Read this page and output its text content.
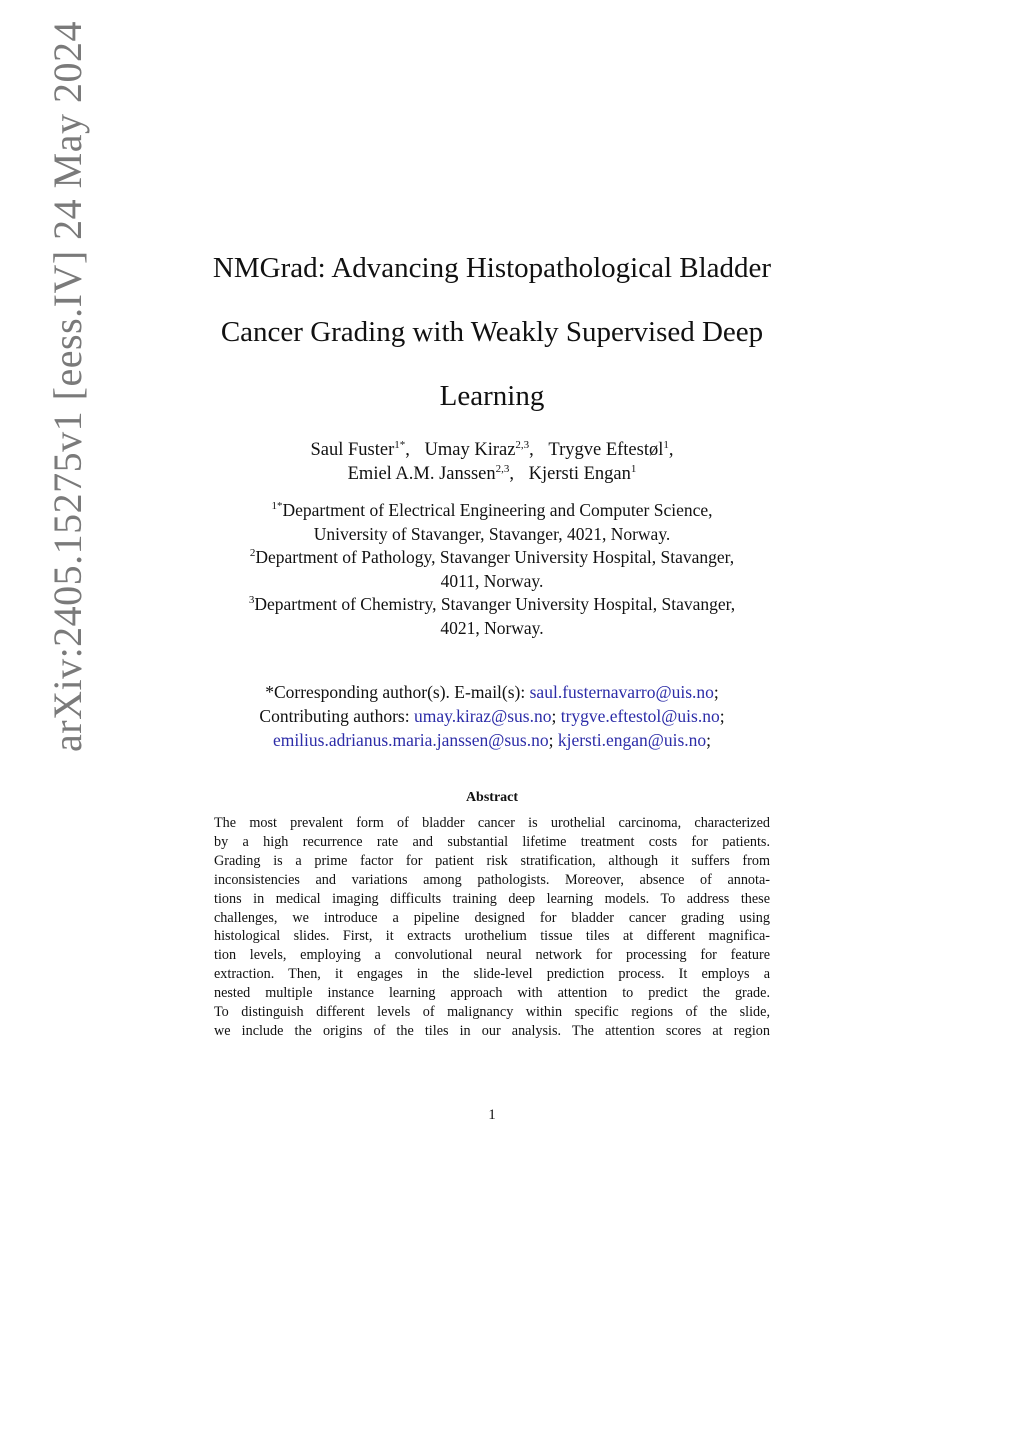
arXiv:2405.15275v1 [eess.IV] 24 May 2024	NMGrad: Advancing Histopathological Bladder
Cancer Grading with Weakly Supervised Deep
Learning
Saul Fuster$^{1*}$, Umay Kiraz$^{2,3}$, Trygve Eftestøl$^1$,
Emiel A.M. Janssen$^{2,3}$, Kjersti Engan$^1$
$^{1*}$Department of Electrical Engineering and Computer Science,
University of Stavanger, Stavanger, 4021, Norway.
$^2$Department of Pathology, Stavanger University Hospital, Stavanger,
4011, Norway.
$^3$Department of Chemistry, Stavanger University Hospital, Stavanger,
4021, Norway.
*Corresponding author(s). E-mail(s): saul.fusternavarro@uis.no;
Contributing authors: umay.kiraz@sus.no; trygve.eftestol@uis.no;
emilius.adrianus.maria.janssen@sus.no; kjersti.engan@uis.no;
Abstract
The most prevalent form of bladder cancer is urothelial carcinoma, characterized
by a high recurrence rate and substantial lifetime treatment costs for patients.
Grading is a prime factor for patient risk stratification, although it suffers from
inconsistencies and variations among pathologists. Moreover, absence of annota-
tions in medical imaging difficults training deep learning models. To address these
challenges, we introduce a pipeline designed for bladder cancer grading using
histological slides. First, it extracts urothelium tissue tiles at different magnifica-
tion levels, employing a convolutional neural network for processing for feature
extraction. Then, it engages in the slide-level prediction process. It employs a
nested multiple instance learning approach with attention to predict the grade.
To distinguish different levels of malignancy within specific regions of the slide,
we include the origins of the tiles in our analysis. The attention scores at region
1
